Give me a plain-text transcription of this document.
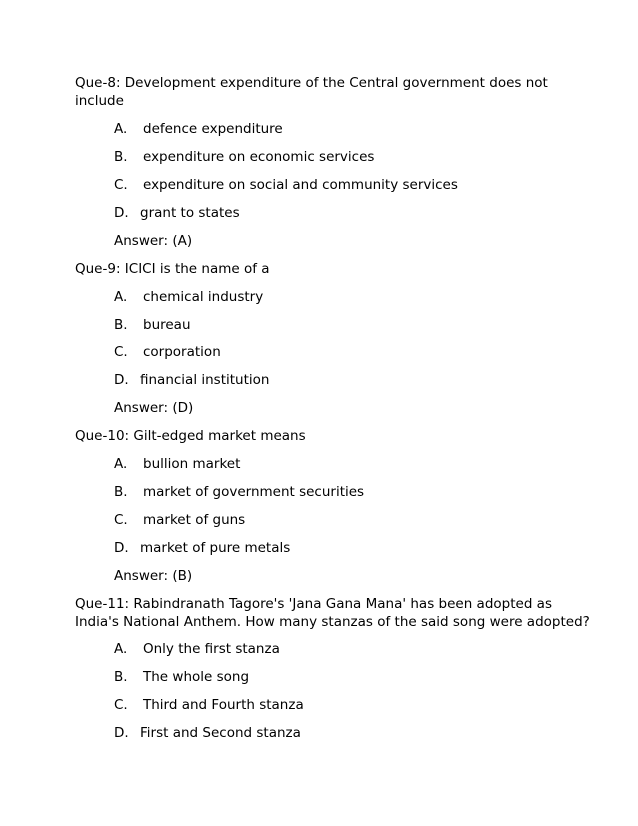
Que-8: Development expenditure of the Central government does not
include
A. defence expenditure
B. expenditure on economic services
C. expenditure on social and community services
D. grant to states
Answer: (A)
Que-9: ICICI is the name of a
A. chemical industry
B. bureau
C. corporation
D. financial institution
Answer: (D)
Que-10: Gilt-edged market means
A. bullion market
B. market of government securities
C. market of guns
D. market of pure metals
Answer: (B)
Que-11: Rabindranath Tagore's 'Jana Gana Mana' has been adopted as
India's National Anthem. How many stanzas of the said song were adopted?
A. Only the first stanza
B. The whole song
C. Third and Fourth stanza
D. First and Second stanza
